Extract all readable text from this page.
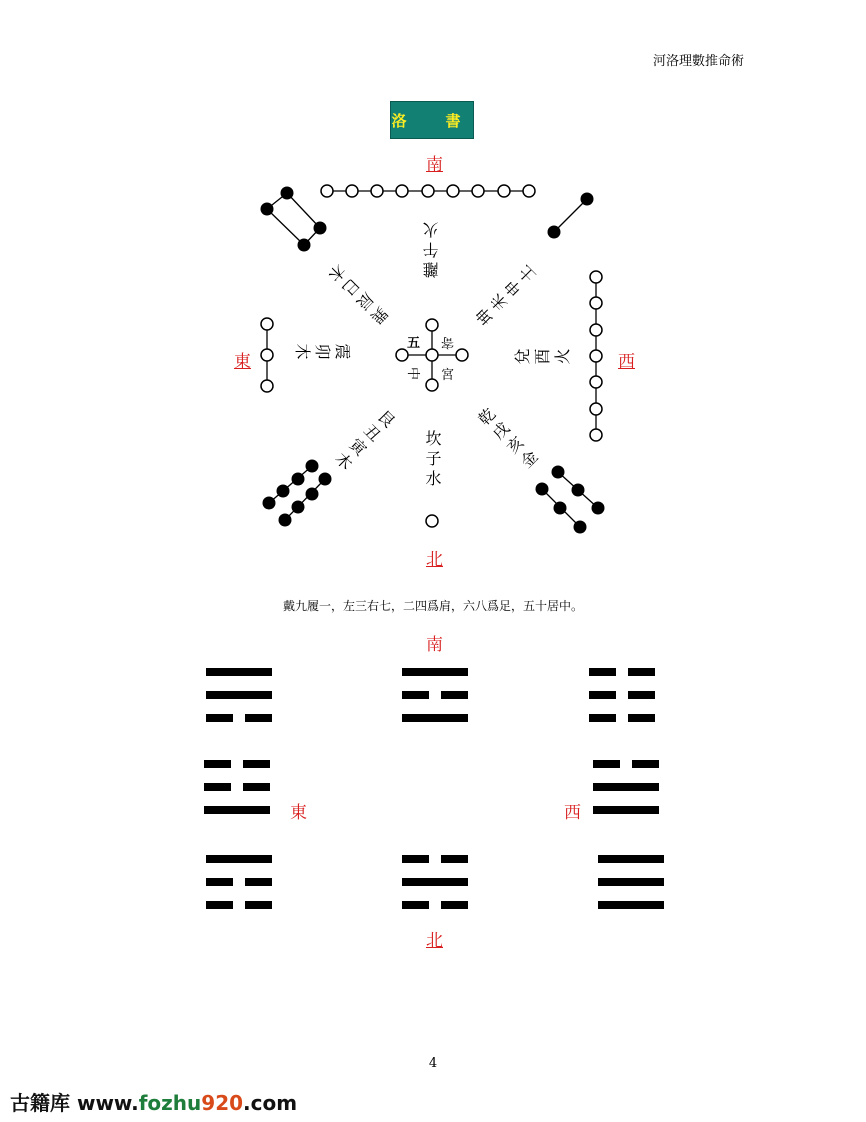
河洛理數推命術
洛　書
南
北
東	西
離午火
坎子水
震卯木	兌酉火
巽辰巳木	坤未申土
艮丑寅木	乾戌亥金
寄
五
中	宮
戴九履一，左三右七，二四爲肩，六八爲足，五十居中。
南
北
東	西
4
古籍库 www.fozhu920.com
